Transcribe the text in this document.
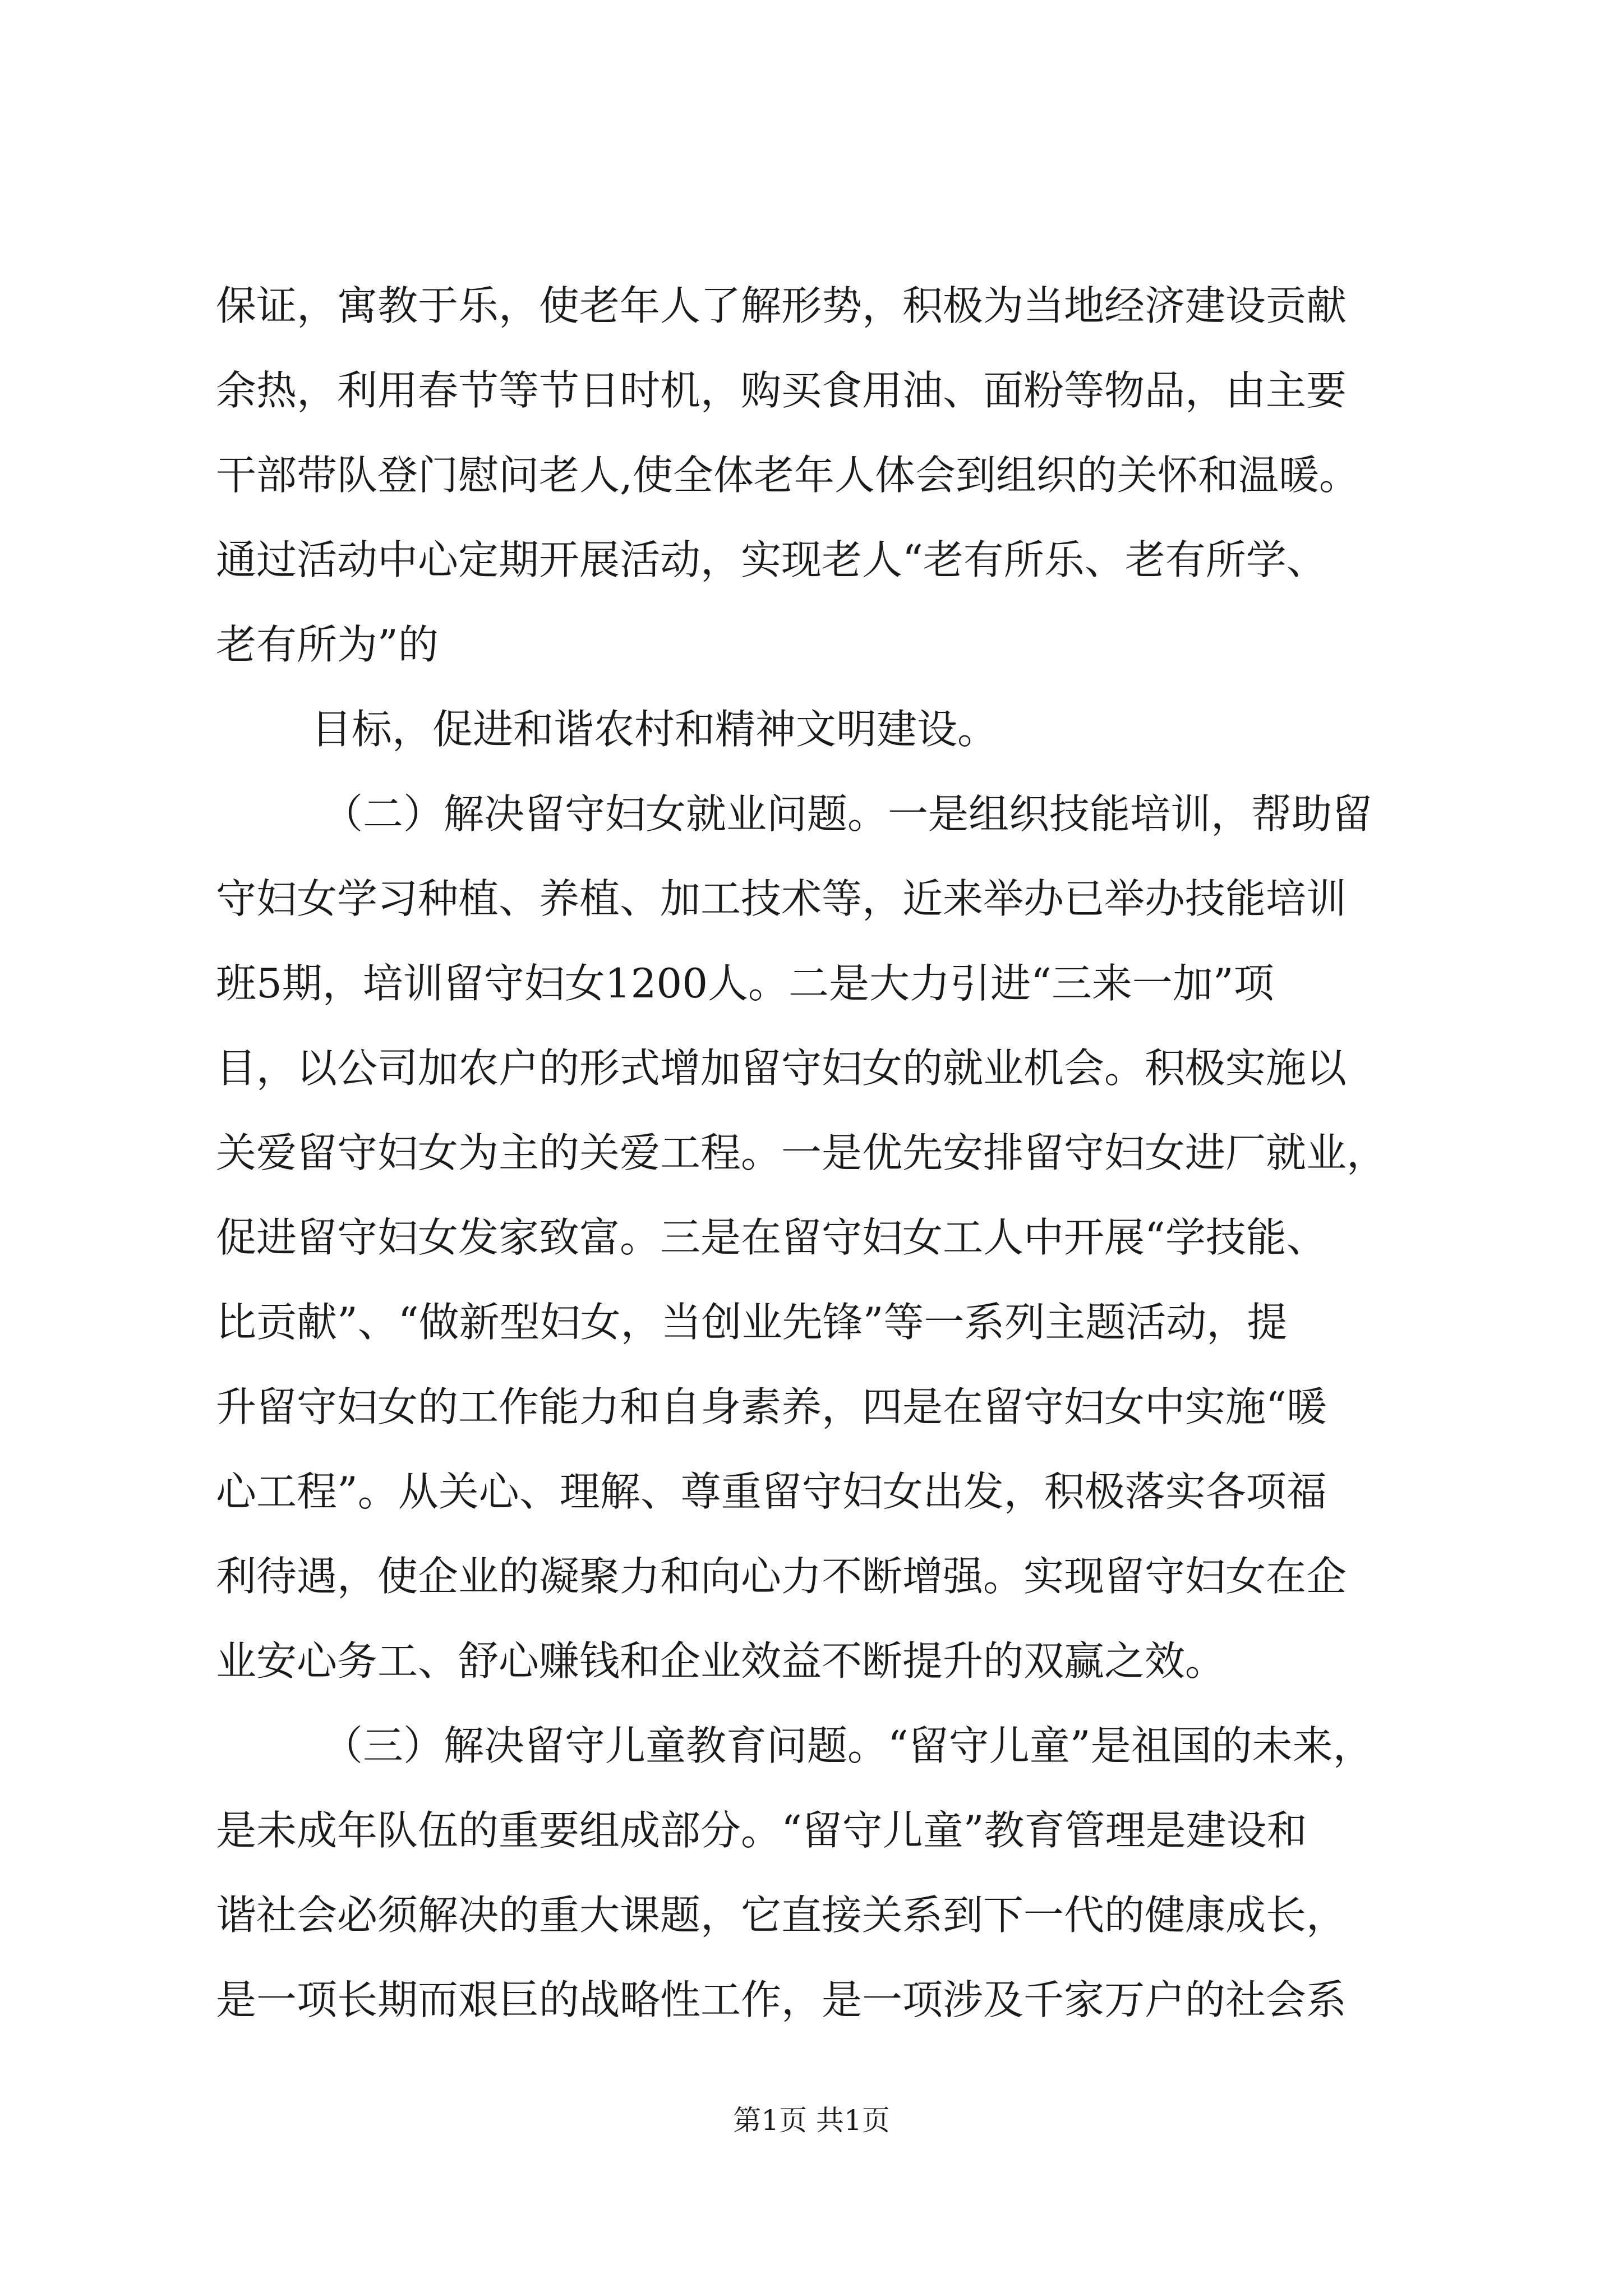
保证，寓教于乐，使老年人了解形势，积极为当地经济建设贡献
余热，利用春节等节日时机，购买食用油、面粉等物品，由主要
干部带队登门慰问老人,使全体老年人体会到组织的关怀和温暖。
通过活动中心定期开展活动，实现老人“老有所乐、老有所学、
老有所为”的
目标，促进和谐农村和精神文明建设。
（二）解决留守妇女就业问题。一是组织技能培训，帮助留
守妇女学习种植、养植、加工技术等，近来举办已举办技能培训
班5期，培训留守妇女1200人。二是大力引进“三来一加”项
目，以公司加农户的形式增加留守妇女的就业机会。积极实施以
关爱留守妇女为主的关爱工程。一是优先安排留守妇女进厂就业，
促进留守妇女发家致富。三是在留守妇女工人中开展“学技能、
比贡献”、“做新型妇女，当创业先锋”等一系列主题活动，提
升留守妇女的工作能力和自身素养，四是在留守妇女中实施“暖
心工程”。从关心、理解、尊重留守妇女出发，积极落实各项福
利待遇，使企业的凝聚力和向心力不断增强。实现留守妇女在企
业安心务工、舒心赚钱和企业效益不断提升的双赢之效。
（三）解决留守儿童教育问题。“留守儿童”是祖国的未来，
是未成年队伍的重要组成部分。“留守儿童”教育管理是建设和
谐社会必须解决的重大课题，它直接关系到下一代的健康成长，
是一项长期而艰巨的战略性工作，是一项涉及千家万户的社会系
第1页 共1页
